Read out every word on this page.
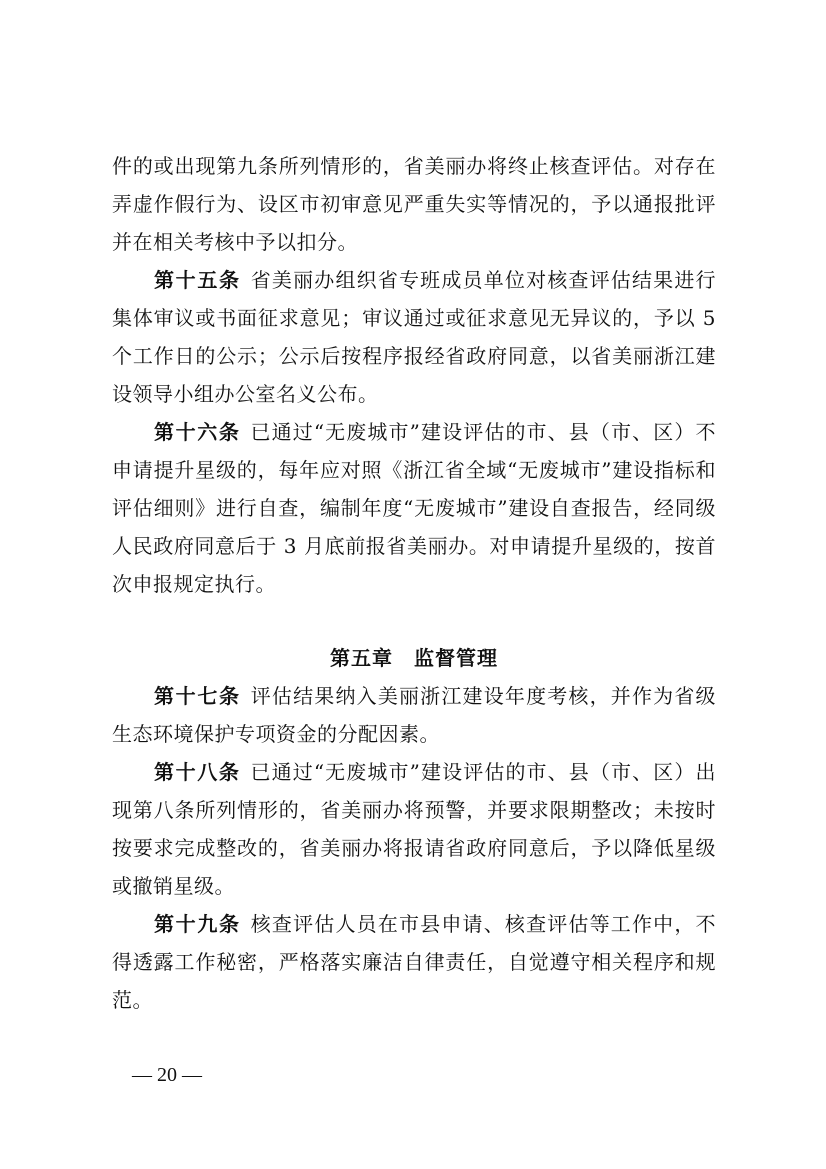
件的或出现第九条所列情形的，省美丽办将终止核查评估。对存在弄虚作假行为、设区市初审意见严重失实等情况的，予以通报批评并在相关考核中予以扣分。

第十五条 省美丽办组织省专班成员单位对核查评估结果进行集体审议或书面征求意见；审议通过或征求意见无异议的，予以 5 个工作日的公示；公示后按程序报经省政府同意，以省美丽浙江建设领导小组办公室名义公布。

第十六条 已通过“无废城市”建设评估的市、县（市、区）不申请提升星级的，每年应对照《浙江省全域“无废城市”建设指标和评估细则》进行自查，编制年度“无废城市”建设自查报告，经同级人民政府同意后于 3 月底前报省美丽办。对申请提升星级的，按首次申报规定执行。

第五章　监督管理

第十七条 评估结果纳入美丽浙江建设年度考核，并作为省级生态环境保护专项资金的分配因素。

第十八条 已通过“无废城市”建设评估的市、县（市、区）出现第八条所列情形的，省美丽办将预警，并要求限期整改；未按时按要求完成整改的，省美丽办将报请省政府同意后，予以降低星级或撤销星级。

第十九条 核查评估人员在市县申请、核查评估等工作中，不得透露工作秘密，严格落实廉洁自律责任，自觉遵守相关程序和规范。

— 20 —
